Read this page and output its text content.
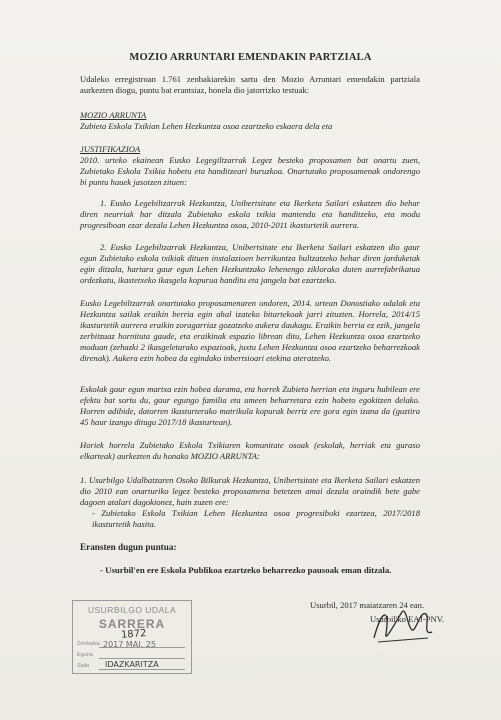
MOZIO ARRUNTARI EMENDAKIN PARTZIALA
Udaleko erregistroan 1.761 zenbakiarekin sartu den Mozio Arruntari emendakin partziala aurkezten diogu, puntu bat erantsiaz, honela dio jatorrizko testuak:
MOZIO ARRUNTA
Zubieta Eskola Txikian Lehen Hezkuntza osoa ezartzeko eskaera dela eta
JUSTIFIKAZIOA
2010. urteko ekainean Eusko Legegiltzarrak Legez besteko proposamen bat onartu zuen, Zubietako Eskola Txikia hobetu eta handitzeari buruzkoa. Onartutako proposamenak ondorengo bi puntu hauek jasotzen zituen:
1. Eusko Legebiltzarrak Hezkuntza, Unibertsitate eta Ikerketa Sailari eskatzen dio behar diren neurriak har ditzala Zubietako eskola txikia mantendu eta handitzeko, eta modu progresiboan ezar dezala Lehen Hezkuntza osoa, 2010-2011 ikasturtetik aurrera.
2. Eusko Legebiltzarrak Hezkuntza, Unibertsitate eta Ikerketa Sailari eskatzen dio gaur egun Zubietako eskola txikiak dituen instalazioen berrikuntza bultzatzeko behar diren jarduketak egin ditzala, hartara gaur egun Lehen Hezkuntzako lehenengo ziklorako duten aurrefabrikatua ordezkatu, ikastetxeko ikasgela kopurua handitu eta jangela bat ezartzeko.
Eusko Legebiltzarrak onartutako proposamenaren ondoren, 2014. urtean Donostiako udalak eta Hezkuntza sailak eraikin berria egin ahal izateko bitartekoak jarri zituzten. Horrela, 2014/15 ikasturtetik aurrera eraikin zoragarriaz gozatzeko aukera daukagu. Eraikin berria ez ezik, jangela zerbitzuaz hornituta gaude, eta eraikinak espazio librean ditu, Lehen Hezkuntza osoa ezartzeko moduan (zehazki 2 ikasgeletarako espazioak, juxtu Lehen Hezkuntza osoa ezartzeko beharrezkoak direnak). Aukera ezin hobea da egindako inbertsioari etekina ateratzeko.
Eskolak gaur egun martxa ezin hobea darama, eta horrek Zubieta herrian eta inguru hubilean ere efektu bat sortu du, gaur egungo familia eta umeen beharretara ezin hobeto egokitzen delako. Horren adibide, datorren ikasturterako matrikula kopurak berriz ere gora egin izana da (guztira 45 haur izango ditugu 2017/18 ikasturtean).
Horiek horrela Zubietako Eskola Txikiaren komunitate osoak (eskolak, herriak eta guraso elkarteak) aurkezten du honako MOZIO ARRUNTA:
1. Usurbilgo Udalbatzaren Osoko Bilkurak Hezkuntza, Unibertsitate eta Ikerketa Sailari eskatzen dio 2010 ean onarturiko legez besteko proposamena betetzen amai dezala oraindik bete gabe dagoen atalari dagokionez, hain zuzen ere:
- Zubietako Eskola Txikian Lehen Hezkuntza osoa progresiboki ezartzea, 2017/2018 ikasturtetik hasita.
Eransten dugun puntua:
- Usurbil'en ere Eskola Publikoa ezartzeko beharrezko pausoak eman ditzala.
Usurbil, 2017 maiatzaren 24 ean.
Usurbil'ko EAJ-PNV.
USURBILGO UDALA
SARRERA
Zenbakia
Eguna
Saila
1872
2017 MAI. 25
IDAZKARITZA
